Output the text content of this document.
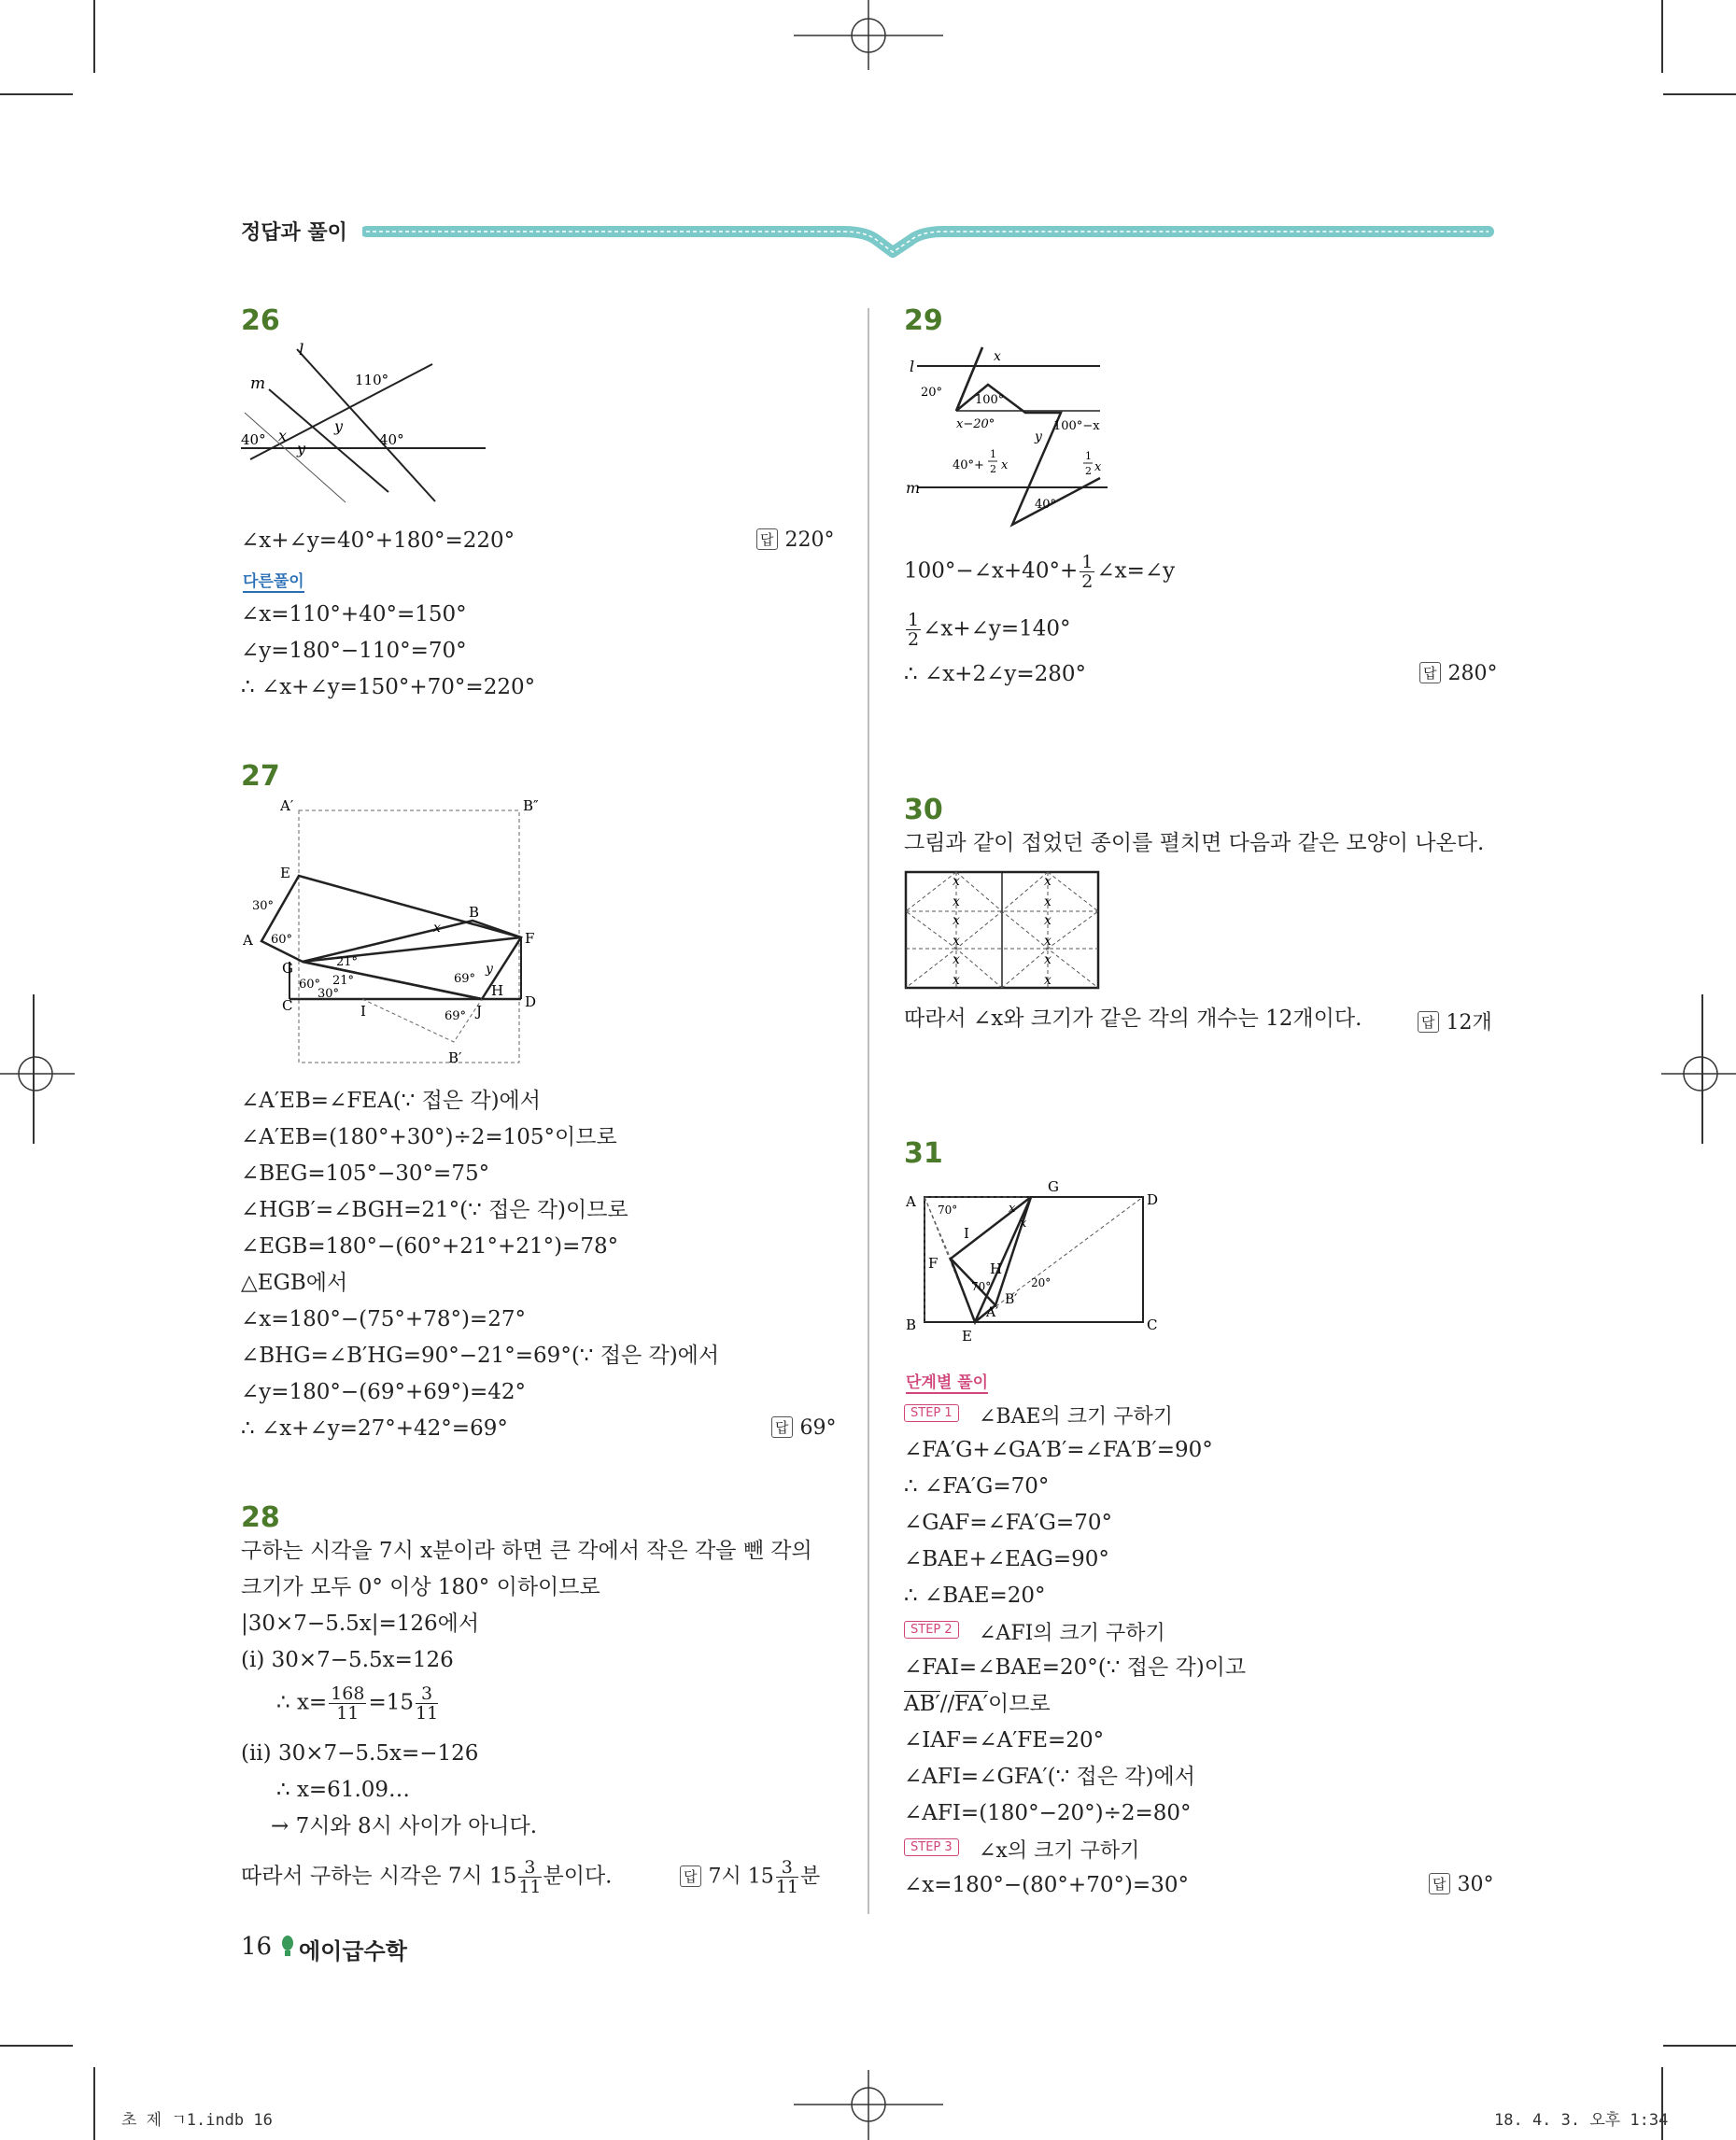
정답과 풀이
26
l
m	110°
40°	40°
x
y
y
∠x+∠y=40°+180°=220°	답 220°
다른풀이
∠x=110°+40°=150°
∠y=180°−110°=70°
∴ ∠x+∠y=150°+70°=220°
27
A′	B″
E
30°
A 60°
B
F
x
G	21°
21°
60°
30°
69°
y
H
C	I	69° J
D
B′
∠A′EB=∠FEA(∵ 접은 각)에서
∠A′EB=(180°+30°)÷2=105°이므로
∠BEG=105°−30°=75°
∠HGB′=∠BGH=21°(∵ 접은 각)이므로
∠EGB=180°−(60°+21°+21°)=78°
△EGB에서
∠x=180°−(75°+78°)=27°
∠BHG=∠B′HG=90°−21°=69°(∵ 접은 각)에서
∠y=180°−(69°+69°)=42°
∴ ∠x+∠y=27°+42°=69°	답 69°
28
구하는 시각을 7시 x분이라 하면 큰 각에서 작은 각을 뺀 각의
크기가 모두 0° 이상 180° 이하이므로
|30×7−5.5x|=126에서
(ⅰ) 30×7−5.5x=126
∴ $x= \frac{168}{11} =15 \frac{3}{11}$
(ⅱ) 30×7−5.5x=−126
∴ x=61.09…
→ 7시와 8시 사이가 아니다.
따라서 구하는 시각은 7시 $15 \frac{3}{11}$ 분이다.	답 7시 $15 \frac{3}{11}$ 분
29
l
x
20°
100°
x−20°	100°−x
y
40°+
1
2 x
1
2 x
m
40°
100°−∠x+40°+ $\frac{1}{2}$ ∠x=∠y
$\frac{1}{2}$ ∠x+∠y=140°
∴ ∠x+2∠y=280°	답 280°
30
그림과 같이 접었던 종이를 펼치면 다음과 같은 모양이 나온다.
x	x
x	x
x	x
x	x
x	x
x	x
따라서 ∠x와 크기가 같은 각의 개수는 12개이다.	답 12개
31
A 70°	x
x
G
D
I
F	H
70°	20°
B′
A′
B
E
C
단계별 풀이
STEP 1	∠BAE의 크기 구하기
∠FA′G+∠GA′B′=∠FA′B′=90°
∴ ∠FA′G=70°
∠GAF=∠FA′G=70°
∠BAE+∠EAG=90°
∴ ∠BAE=20°
STEP 2	∠AFI의 크기 구하기
∠FAI=∠BAE=20°(∵ 접은 각)이고
AB′//FA′이므로
∠IAF=∠A′FE=20°
∠AFI=∠GFA′(∵ 접은 각)에서
∠AFI=(180°−20°)÷2=80°
STEP 3	∠x의 크기 구하기
∠x=180°−(80°+70°)=30°	답 30°
16 에이급수학
초 제 ㄱ1.indb 16	18. 4. 3. 오후 1:34
